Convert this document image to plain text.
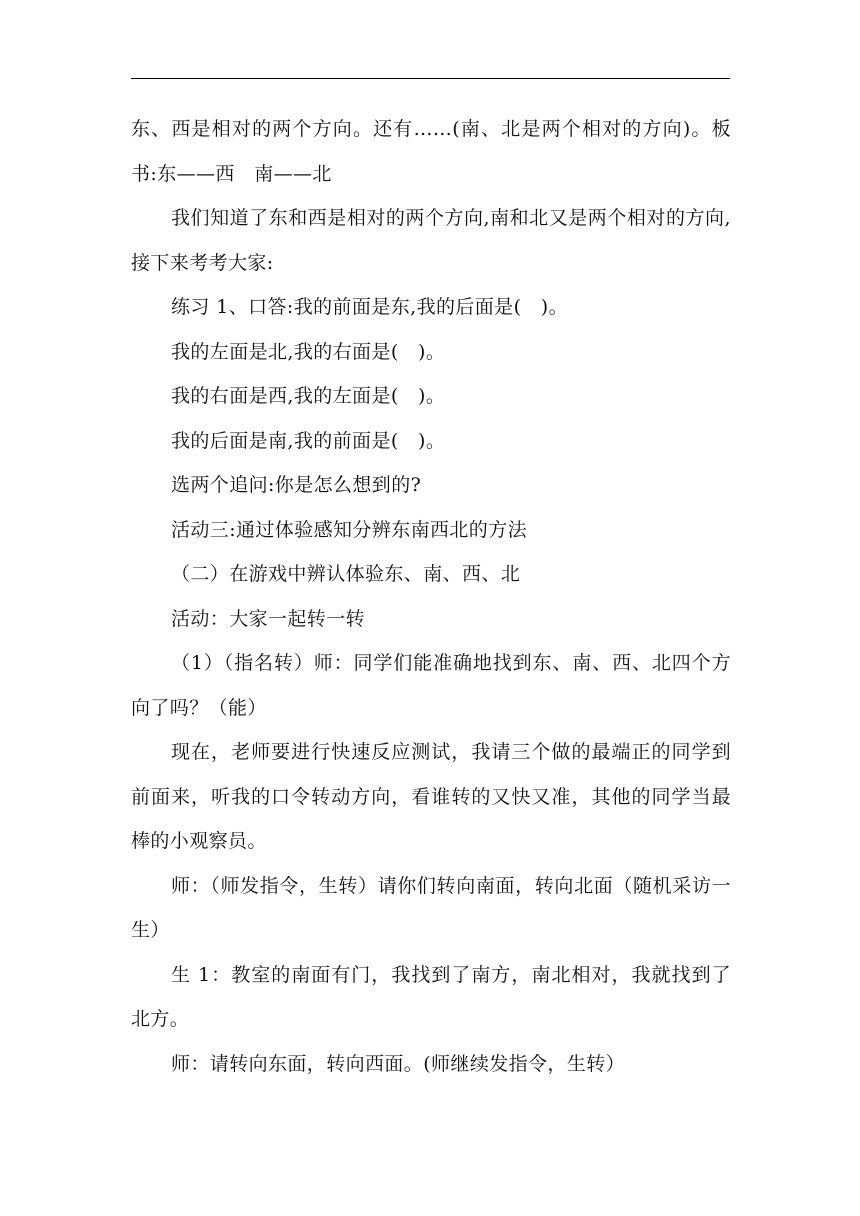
东、西是相对的两个方向。还有……(南、北是两个相对的方向)。板书:东——西　南——北

我们知道了东和西是相对的两个方向,南和北又是两个相对的方向,接下来考考大家:

练习 1、口答:我的前面是东,我的后面是(　)。

我的左面是北,我的右面是(　)。

我的右面是西,我的左面是(　)。

我的后面是南,我的前面是(　)。

选两个追问:你是怎么想到的?

活动三:通过体验感知分辨东南西北的方法

（二）在游戏中辨认体验东、南、西、北

活动：大家一起转一转

（1）（指名转）师：同学们能准确地找到东、南、西、北四个方向了吗？（能）

现在，老师要进行快速反应测试，我请三个做的最端正的同学到前面来，听我的口令转动方向，看谁转的又快又准，其他的同学当最棒的小观察员。

师：（师发指令，生转）请你们转向南面，转向北面（随机采访一生）

生 1：教室的南面有门，我找到了南方，南北相对，我就找到了北方。

师：请转向东面，转向西面。(师继续发指令，生转）
